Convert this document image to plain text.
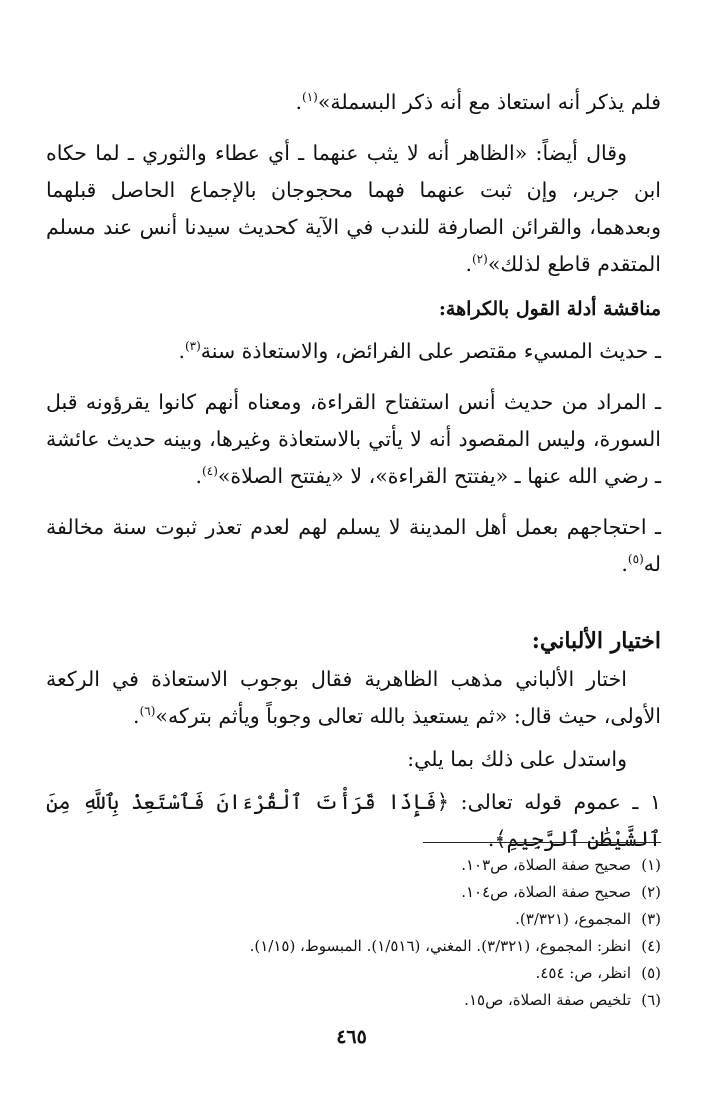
فلم يذكر أنه استعاذ مع أنه ذكر البسملة»$^{(١)}$.

وقال أيضاً: «الظاهر أنه لا يثب عنهما ـ أي عطاء والثوري ـ لما حكاه ابن جرير، وإن ثبت عنهما فهما محجوجان بالإجماع الحاصل قبلهما وبعدهما، والقرائن الصارفة للندب في الآية كحديث سيدنا أنس عند مسلم المتقدم قاطع لذلك»$^{(٢)}$.

مناقشة أدلة القول بالكراهة:

ـ حديث المسيء مقتصر على الفرائض، والاستعاذة سنة$^{(٣)}$.

ـ المراد من حديث أنس استفتاح القراءة، ومعناه أنهم كانوا يقرؤونه قبل السورة، وليس المقصود أنه لا يأتي بالاستعاذة وغيرها، وبينه حديث عائشة ـ رضي الله عنها ـ «يفتتح القراءة»، لا «يفتتح الصلاة»$^{(٤)}$.

ـ احتجاجهم بعمل أهل المدينة لا يسلم لهم لعدم تعذر ثبوت سنة مخالفة له$^{(٥)}$.

اختيار الألباني:

اختار الألباني مذهب الظاهرية فقال بوجوب الاستعاذة في الركعة الأولى، حيث قال: «ثم يستعيذ بالله تعالى وجوباً ويأثم بتركه»$^{(٦)}$.

واستدل على ذلك بما يلي:

١ ـ عموم قوله تعالى: ﴿فَإِذَا قَرَأْتَ ٱلْقُرْءَانَ فَٱسْتَعِذْ بِٱللَّهِ مِنَ ٱلشَّيْطَٰنِ ٱلرَّجِيمِ﴾.

(١)صحيح صفة الصلاة، ص١٠٣.
(٢)صحيح صفة الصلاة، ص١٠٤.
(٣)المجموع، (٣/٣٢١).
(٤)انظر: المجموع، (٣/٣٢١). المغني، (١/٥١٦). المبسوط، (١/١٥).
(٥)انظر، ص: ٤٥٤.
(٦)تلخيص صفة الصلاة، ص١٥.
٤٦٥
